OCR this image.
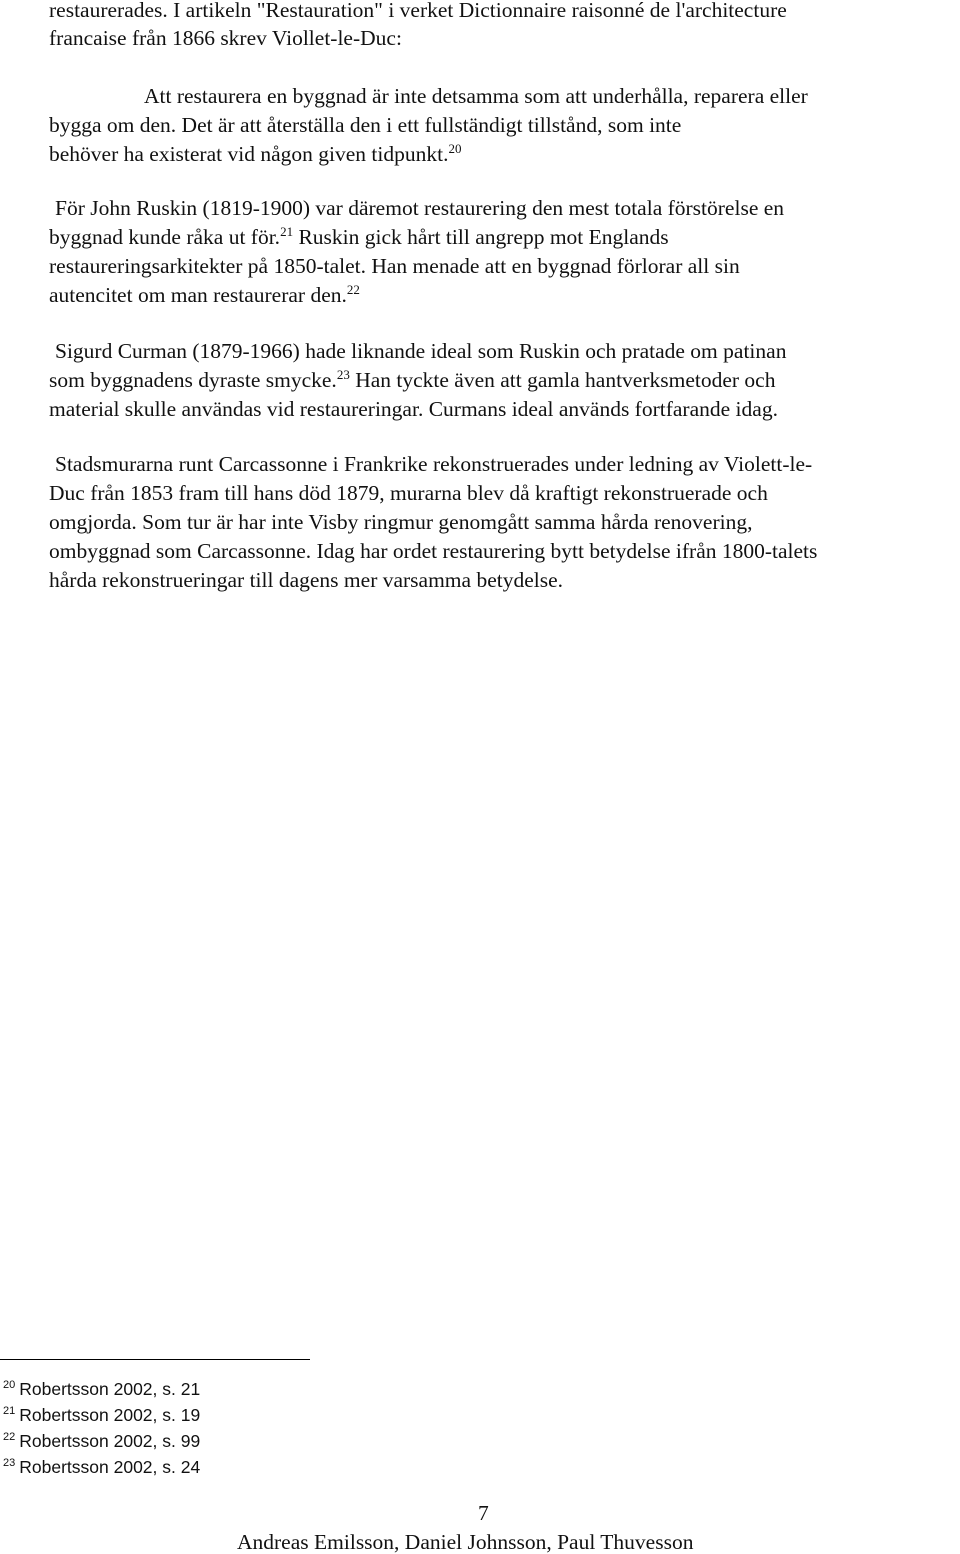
restaurerades. I artikeln "Restauration" i verket Dictionnaire raisonné de l'architecture
francaise från 1866 skrev Viollet-le-Duc:
Att restaurera en byggnad är inte detsamma som att underhålla, reparera eller
bygga om den. Det är att återställa den i ett fullständigt tillstånd, som inte
behöver ha existerat vid någon given tidpunkt.$^{20}$
För John Ruskin (1819-1900) var däremot restaurering den mest totala förstörelse en
byggnad kunde råka ut för.$^{21}$ Ruskin gick hårt till angrepp mot Englands
restaureringsarkitekter på 1850-talet. Han menade att en byggnad förlorar all sin
autencitet om man restaurerar den.$^{22}$
Sigurd Curman (1879-1966) hade liknande ideal som Ruskin och pratade om patinan
som byggnadens dyraste smycke.$^{23}$ Han tyckte även att gamla hantverksmetoder och
material skulle användas vid restaureringar. Curmans ideal används fortfarande idag.
Stadsmurarna runt Carcassonne i Frankrike rekonstruerades under ledning av Violett-le-
Duc från 1853 fram till hans död 1879, murarna blev då kraftigt rekonstruerade och
omgjorda. Som tur är har inte Visby ringmur genomgått samma hårda renovering,
ombyggnad som Carcassonne. Idag har ordet restaurering bytt betydelse ifrån 1800-talets
hårda rekonstrueringar till dagens mer varsamma betydelse.
$^{20}$ Robertsson 2002, s. 21
$^{21}$ Robertsson 2002, s. 19
$^{22}$ Robertsson 2002, s. 99
$^{23}$ Robertsson 2002, s. 24
7
Andreas Emilsson, Daniel Johnsson, Paul Thuvesson
